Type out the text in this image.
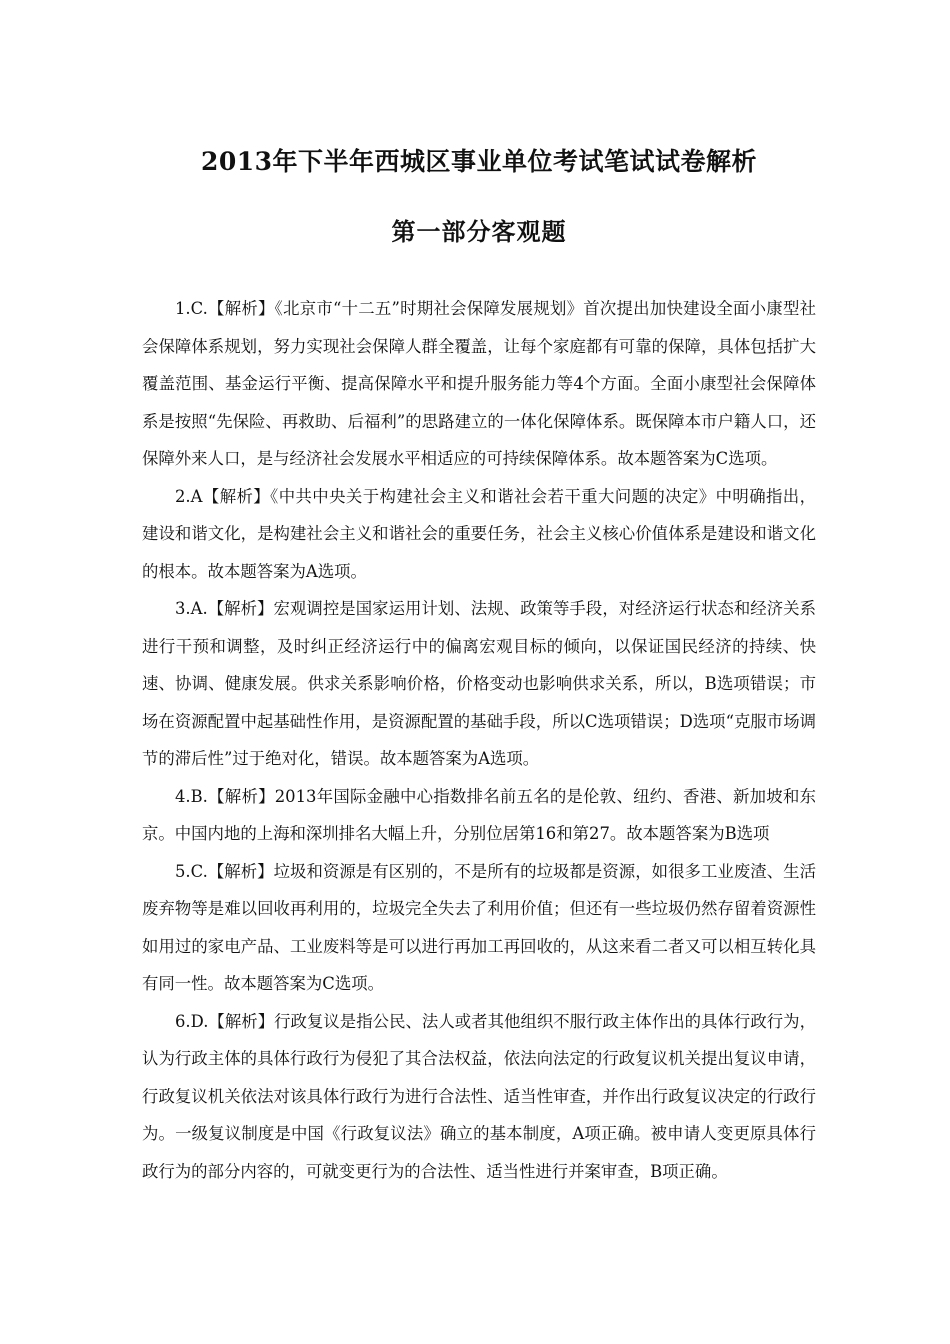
2013年下半年西城区事业单位考试笔试试卷解析
第一部分客观题

1.C.【解析】《北京市“十二五”时期社会保障发展规划》首次提出加快建设全面小康型社会保障体系规划，努力实现社会保障人群全覆盖，让每个家庭都有可靠的保障，具体包括扩大覆盖范围、基金运行平衡、提高保障水平和提升服务能力等4个方面。全面小康型社会保障体系是按照“先保险、再救助、后福利”的思路建立的一体化保障体系。既保障本市户籍人口，还保障外来人口，是与经济社会发展水平相适应的可持续保障体系。故本题答案为C选项。

2.A【解析】《中共中央关于构建社会主义和谐社会若干重大问题的决定》中明确指出，建设和谐文化，是构建社会主义和谐社会的重要任务，社会主义核心价值体系是建设和谐文化的根本。故本题答案为A选项。

3.A.【解析】宏观调控是国家运用计划、法规、政策等手段，对经济运行状态和经济关系进行干预和调整，及时纠正经济运行中的偏离宏观目标的倾向，以保证国民经济的持续、快速、协调、健康发展。供求关系影响价格，价格变动也影响供求关系，所以，B选项错误；市场在资源配置中起基础性作用，是资源配置的基础手段，所以C选项错误；D选项“克服市场调节的滞后性”过于绝对化，错误。故本题答案为A选项。

4.B.【解析】2013年国际金融中心指数排名前五名的是伦敦、纽约、香港、新加坡和东京。中国内地的上海和深圳排名大幅上升，分别位居第16和第27。故本题答案为B选项

5.C.【解析】垃圾和资源是有区别的，不是所有的垃圾都是资源，如很多工业废渣、生活废弃物等是难以回收再利用的，垃圾完全失去了利用价值；但还有一些垃圾仍然存留着资源性如用过的家电产品、工业废料等是可以进行再加工再回收的，从这来看二者又可以相互转化具有同一性。故本题答案为C选项。

6.D.【解析】行政复议是指公民、法人或者其他组织不服行政主体作出的具体行政行为，认为行政主体的具体行政行为侵犯了其合法权益，依法向法定的行政复议机关提出复议申请，行政复议机关依法对该具体行政行为进行合法性、适当性审查，并作出行政复议决定的行政行为。一级复议制度是中国《行政复议法》确立的基本制度，A项正确。被申请人变更原具体行政行为的部分内容的，可就变更行为的合法性、适当性进行并案审查，B项正确。
